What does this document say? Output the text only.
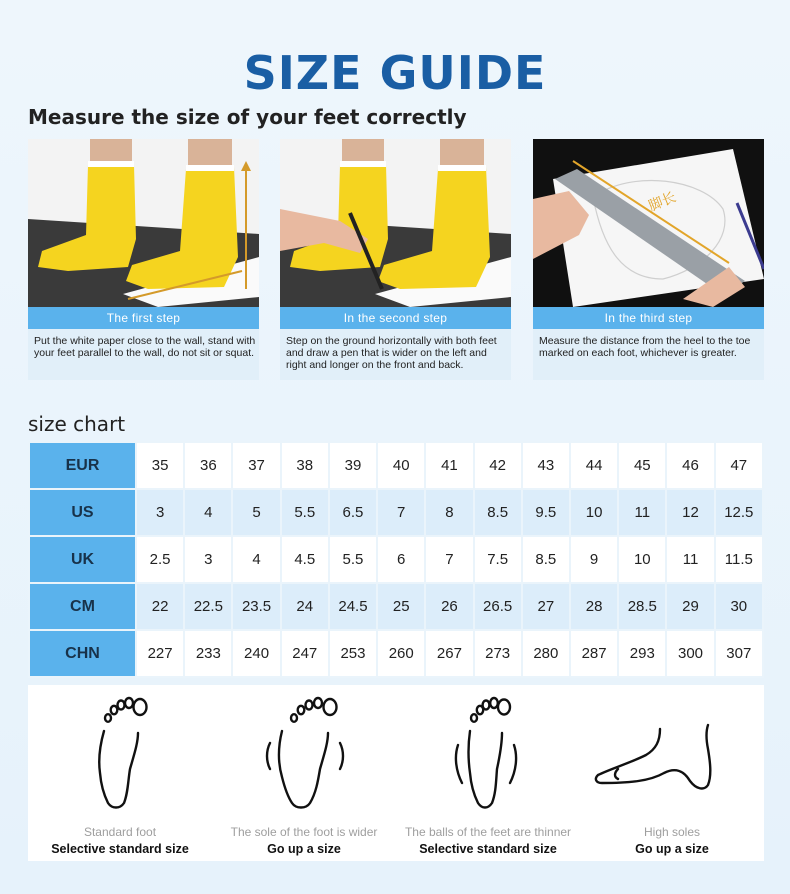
SIZE GUIDE
Measure the size of your feet correctly
The first step
Put the white paper close to the wall, stand with your feet parallel to the wall, do not sit or squat.
In the second step
Step on the ground horizontally with both feet and draw a pen that is wider on the left and right and longer on the front and back.
脚长
In the third step
Measure the distance from the heel to the toe marked on each foot, whichever is greater.
size chart
EUR	35	36	37	38	39	40	41	42	43	44	45	46	47
US	3	4	5	5.5	6.5	7	8	8.5	9.5	10	11	12	12.5
UK	2.5	3	4	4.5	5.5	6	7	7.5	8.5	9	10	11	11.5
CM	22	22.5	23.5	24	24.5	25	26	26.5	27	28	28.5	29	30
CHN	227	233	240	247	253	260	267	273	280	287	293	300	307
Standard foot
Selective standard size
The sole of the foot is wider
Go up a size
The balls of the feet are thinner
Selective standard size
High soles
Go up a size
